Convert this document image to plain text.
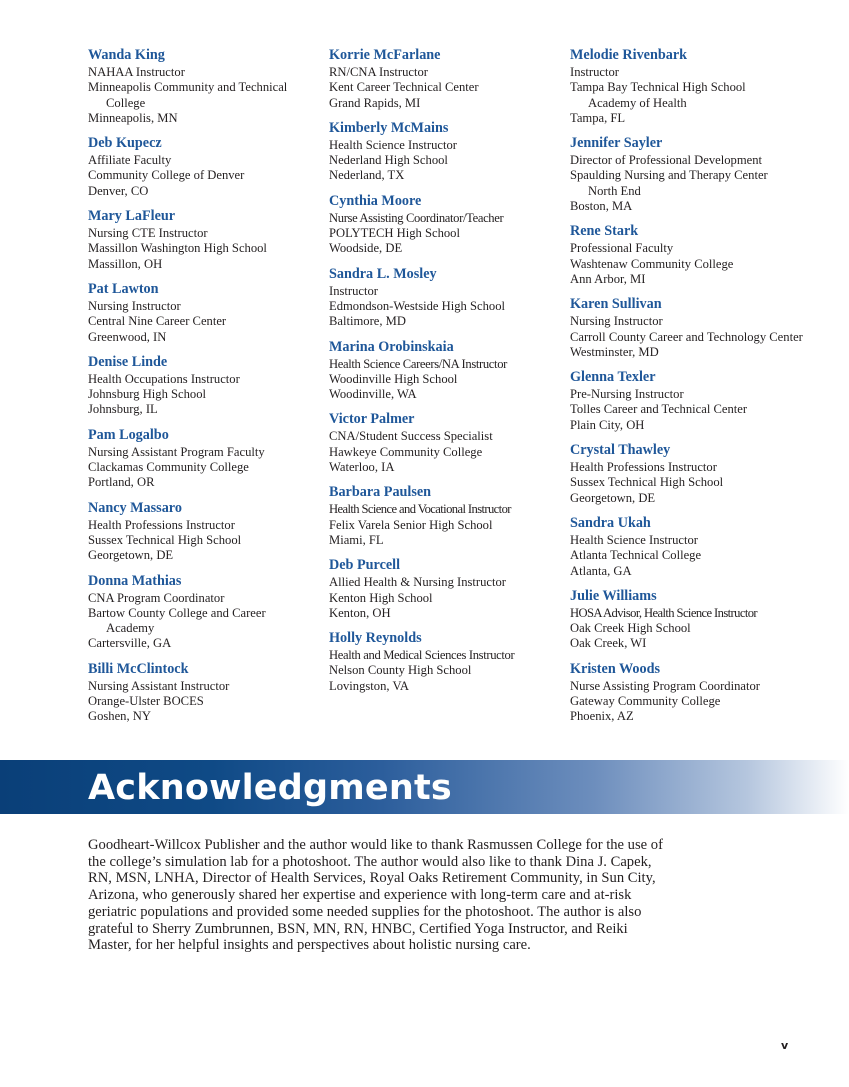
Wanda King
NAHAA Instructor
Minneapolis Community and Technical College
Minneapolis, MN
Deb Kupecz
Affiliate Faculty
Community College of Denver
Denver, CO
Mary LaFleur
Nursing CTE Instructor
Massillon Washington High School
Massillon, OH
Pat Lawton
Nursing Instructor
Central Nine Career Center
Greenwood, IN
Denise Linde
Health Occupations Instructor
Johnsburg High School
Johnsburg, IL
Pam Logalbo
Nursing Assistant Program Faculty
Clackamas Community College
Portland, OR
Nancy Massaro
Health Professions Instructor
Sussex Technical High School
Georgetown, DE
Donna Mathias
CNA Program Coordinator
Bartow County College and Career Academy
Cartersville, GA
Billi McClintock
Nursing Assistant Instructor
Orange-Ulster BOCES
Goshen, NY
Korrie McFarlane
RN/CNA Instructor
Kent Career Technical Center
Grand Rapids, MI
Kimberly McMains
Health Science Instructor
Nederland High School
Nederland, TX
Cynthia Moore
Nurse Assisting Coordinator/Teacher
POLYTECH High School
Woodside, DE
Sandra L. Mosley
Instructor
Edmondson-Westside High School
Baltimore, MD
Marina Orobinskaia
Health Science Careers/NA Instructor
Woodinville High School
Woodinville, WA
Victor Palmer
CNA/Student Success Specialist
Hawkeye Community College
Waterloo, IA
Barbara Paulsen
Health Science and Vocational Instructor
Felix Varela Senior High School
Miami, FL
Deb Purcell
Allied Health & Nursing Instructor
Kenton High School
Kenton, OH
Holly Reynolds
Health and Medical Sciences Instructor
Nelson County High School
Lovingston, VA
Melodie Rivenbark
Instructor
Tampa Bay Technical High School Academy of Health
Tampa, FL
Jennifer Sayler
Director of Professional Development
Spaulding Nursing and Therapy Center North End
Boston, MA
Rene Stark
Professional Faculty
Washtenaw Community College
Ann Arbor, MI
Karen Sullivan
Nursing Instructor
Carroll County Career and Technology Center
Westminster, MD
Glenna Texler
Pre-Nursing Instructor
Tolles Career and Technical Center
Plain City, OH
Crystal Thawley
Health Professions Instructor
Sussex Technical High School
Georgetown, DE
Sandra Ukah
Health Science Instructor
Atlanta Technical College
Atlanta, GA
Julie Williams
HOSA Advisor, Health Science Instructor
Oak Creek High School
Oak Creek, WI
Kristen Woods
Nurse Assisting Program Coordinator
Gateway Community College
Phoenix, AZ
Acknowledgments

Goodheart-Willcox Publisher and the author would like to thank Rasmussen College for the use of the college’s simulation lab for a photoshoot. The author would also like to thank Dina J. Capek, RN, MSN, LNHA, Director of Health Services, Royal Oaks Retirement Community, in Sun City, Arizona, who generously shared her expertise and experience with long-term care and at-risk geriatric populations and provided some needed supplies for the photoshoot. The author is also grateful to Sherry Zumbrunnen, BSN, MN, RN, HNBC, Certified Yoga Instructor, and Reiki Master, for her helpful insights and perspectives about holistic nursing care.

v
